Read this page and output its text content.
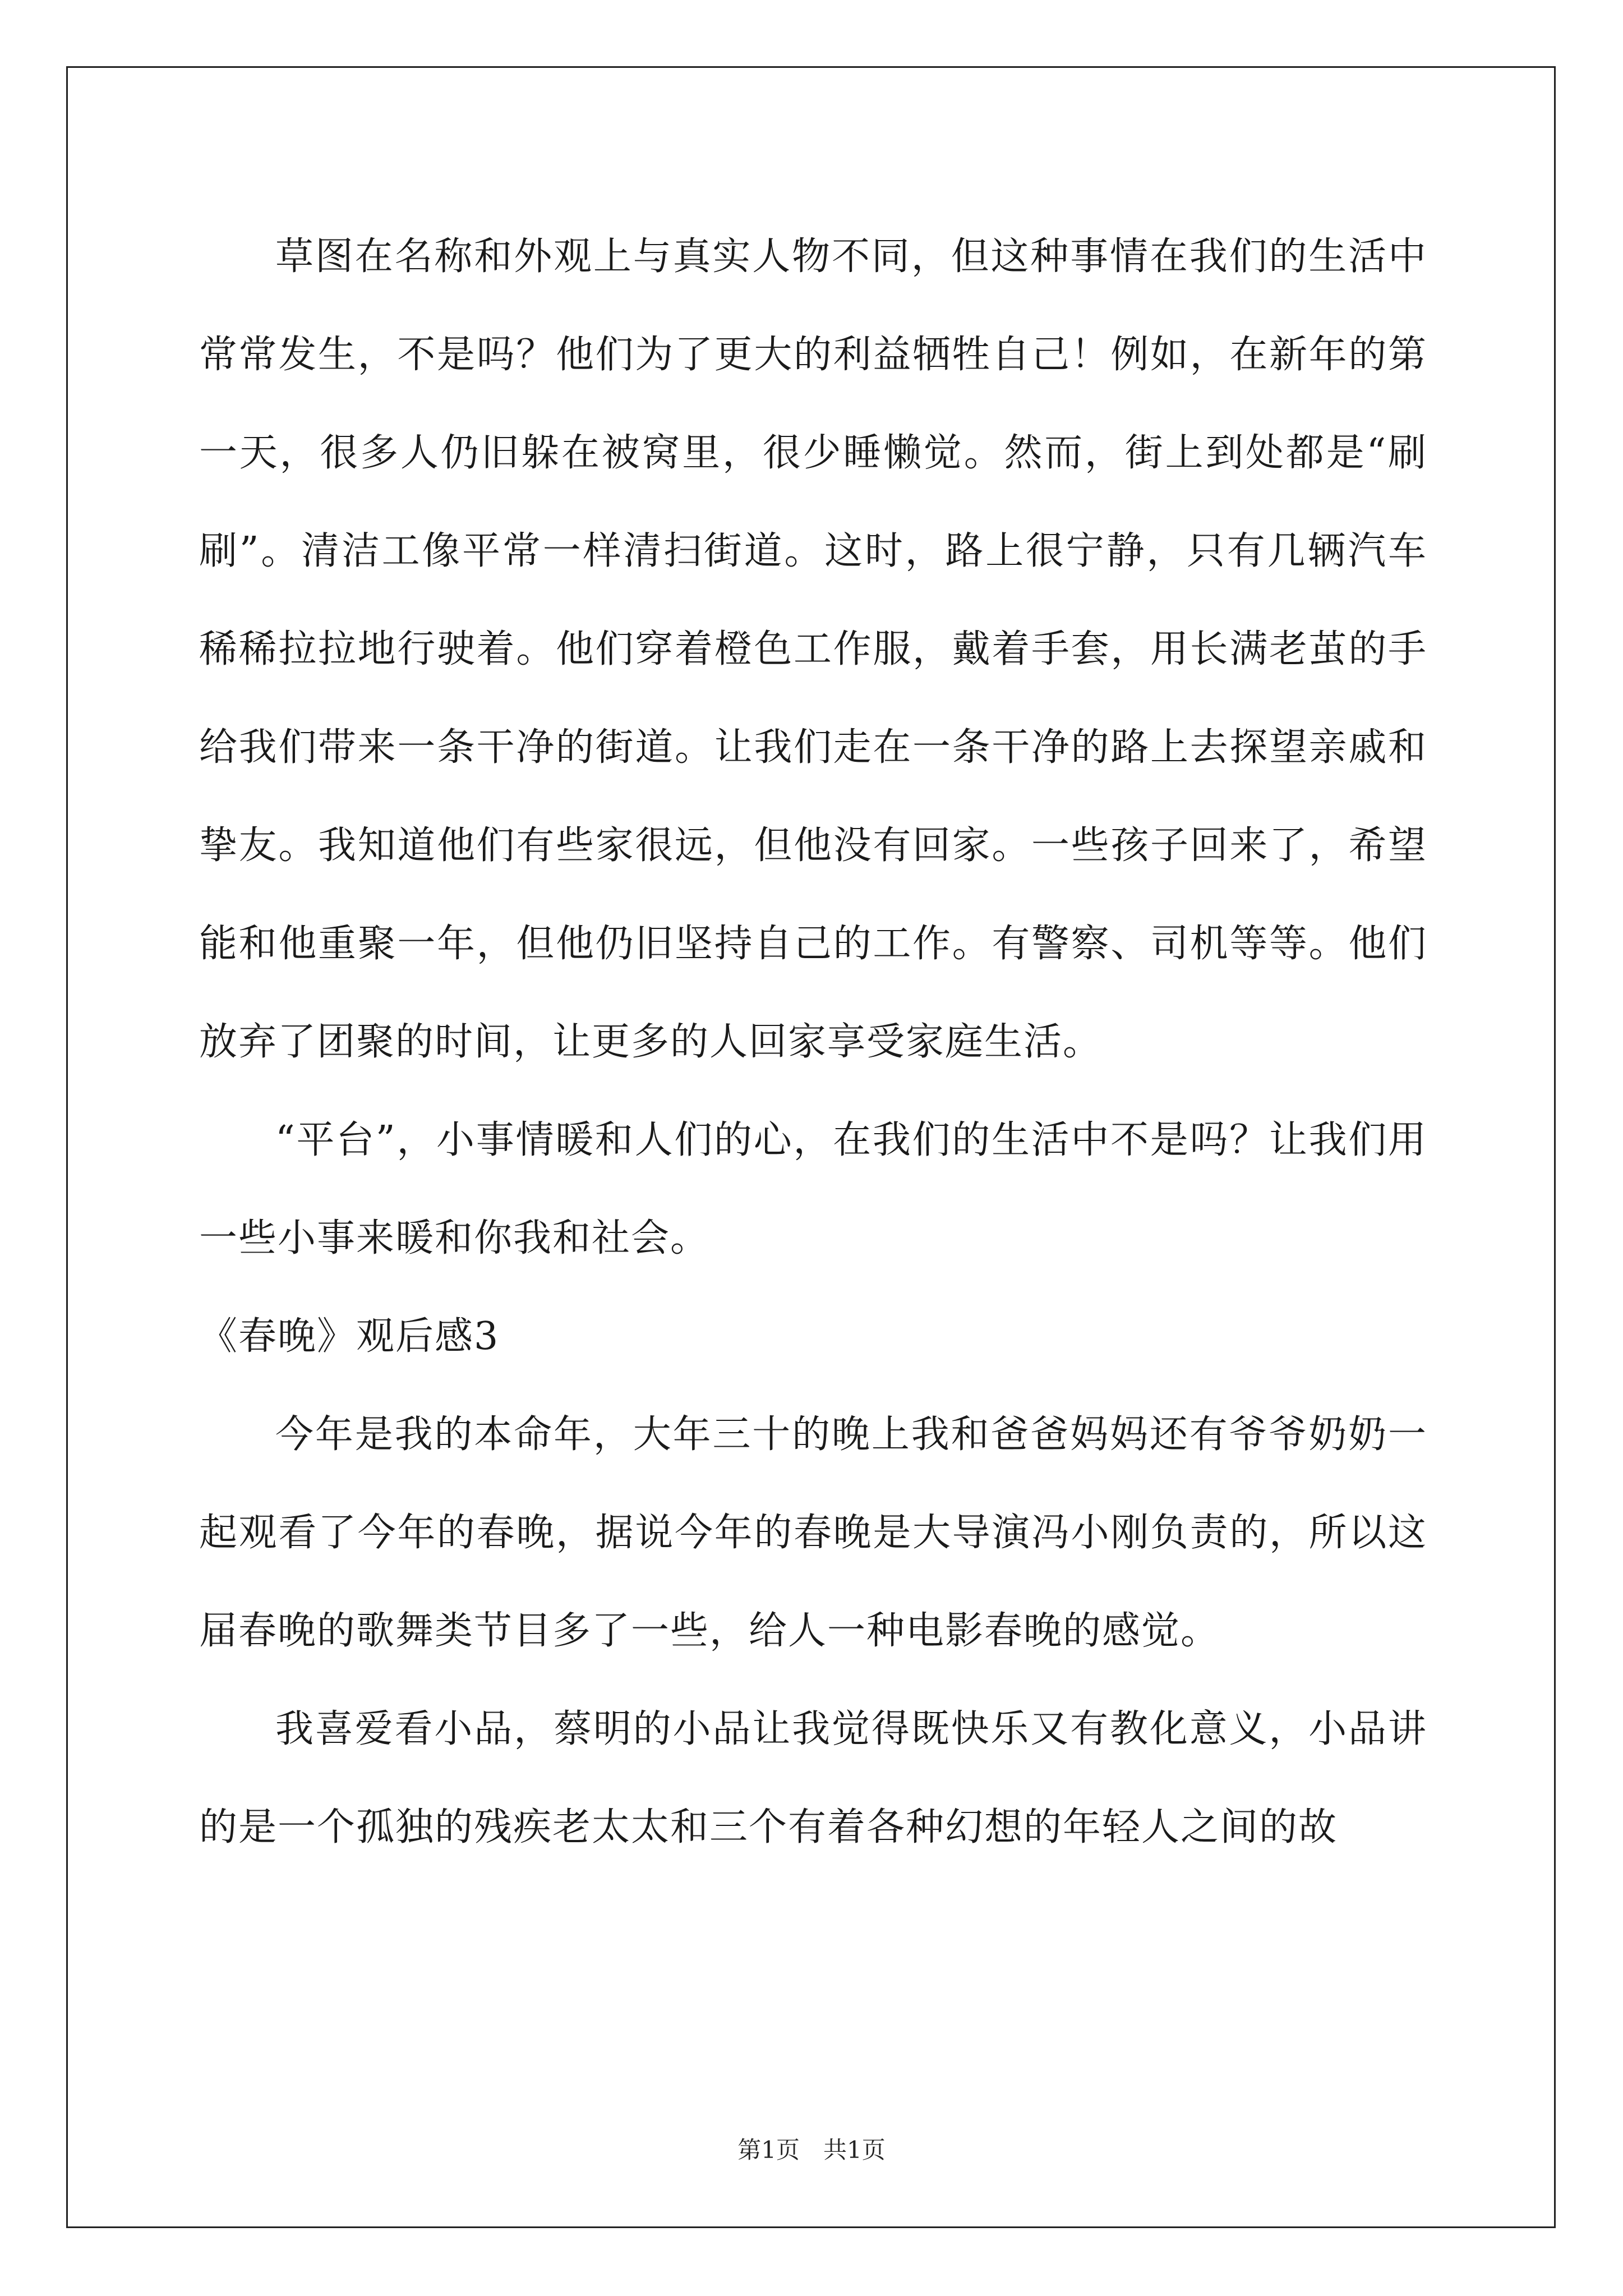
草图在名称和外观上与真实人物不同，但这种事情在我们的生活中常常发生，不是吗？他们为了更大的利益牺牲自己！例如，在新年的第一天，很多人仍旧躲在被窝里，很少睡懒觉。然而，街上到处都是“刷刷”。清洁工像平常一样清扫街道。这时，路上很宁静，只有几辆汽车稀稀拉拉地行驶着。他们穿着橙色工作服，戴着手套，用长满老茧的手给我们带来一条干净的街道。让我们走在一条干净的路上去探望亲戚和挚友。我知道他们有些家很远，但他没有回家。一些孩子回来了，希望能和他重聚一年，但他仍旧坚持自己的工作。有警察、司机等等。他们放弃了团聚的时间，让更多的人回家享受家庭生活。

“平台”，小事情暖和人们的心，在我们的生活中不是吗？让我们用一些小事来暖和你我和社会。

《春晚》观后感3

今年是我的本命年，大年三十的晚上我和爸爸妈妈还有爷爷奶奶一起观看了今年的春晚，据说今年的春晚是大导演冯小刚负责的，所以这届春晚的歌舞类节目多了一些，给人一种电影春晚的感觉。

我喜爱看小品，蔡明的小品让我觉得既快乐又有教化意义，小品讲的是一个孤独的残疾老太太和三个有着各种幻想的年轻人之间的故

第1页　共1页
